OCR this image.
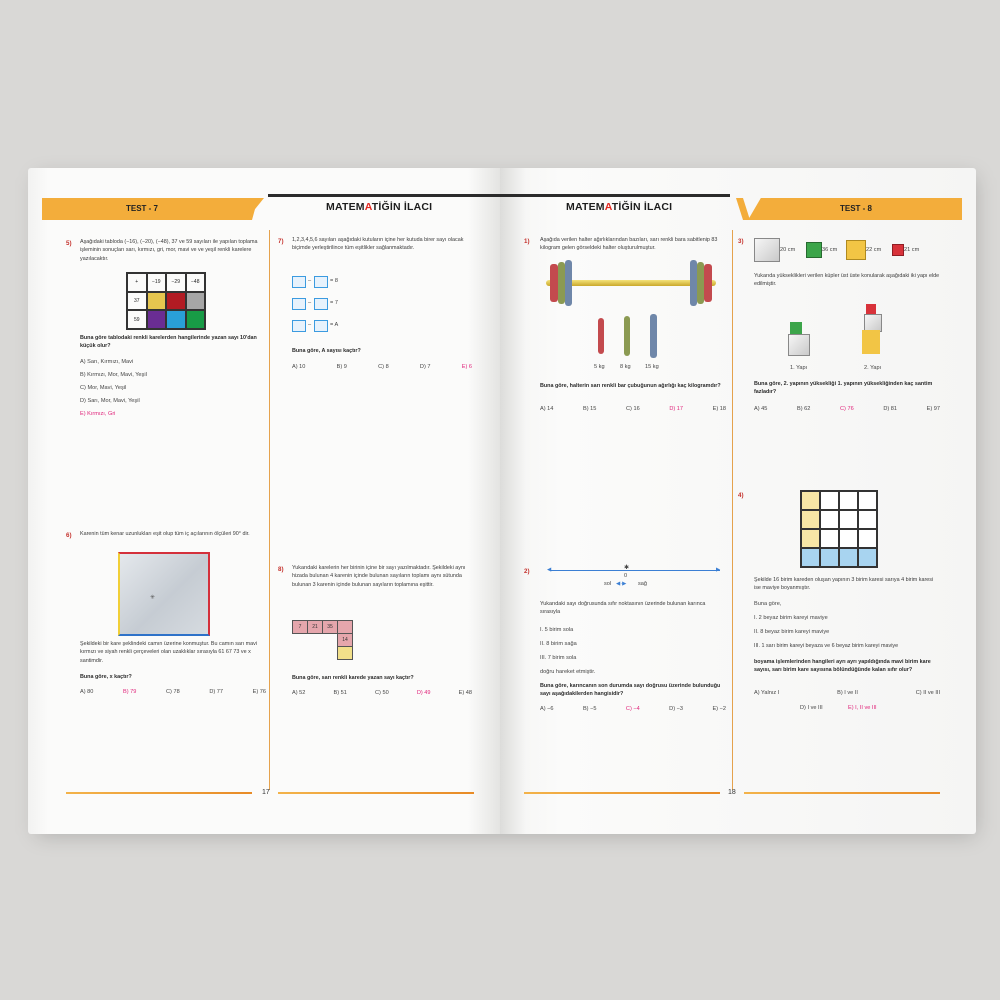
TEST - 7	MATEMATİĞİN İLACI
5) Aşağıdaki tabloda (−16), (−20), (−48), 37 ve 59 sayıları ile yapılan toplama işleminin sonuçları sarı, kırmızı, gri, mor, mavi ve ve yeşil renkli karelere yazılacaktır.
+	−19	−29	−48
37
59
Buna göre tablodaki renkli karelerden hangilerinde yazan sayı 10'dan küçük olur?
A) Sarı, Kırmızı, Mavi
B) Kırmızı, Mor, Mavi, Yeşil
C) Mor, Mavi, Yeşil
D) Sarı, Mor, Mavi, Yeşil
E) Kırmızı, Gri
6) Karenin tüm kenar uzunlukları eşit olup tüm iç açılarının ölçüleri 90° dir.
✳
Şekildeki bir kare şeklindeki camın üzerine konmuştur. Bu camın sarı mavi kırmızı ve siyah renkli çerçeveleri olan uzaklıklar sırasıyla 61 67 73 ve x santimdir.
Buna göre, x kaçtır?
A) 80	B) 79	C) 78	D) 77	E) 76
7) 1,2,3,4,5,6 sayıları aşağıdaki kutuların içine her kutuda birer sayı olacak biçimde yerleştirilince tüm eşitlikler sağlanmaktadır.
–	= 8
–	= 7
–	= A
Buna göre, A sayısı kaçtır?
A) 10	B) 9	C) 8	D) 7	E) 6
8) Yukarıdaki karelerin her birinin içine bir sayı yazılmaktadır. Şekildeki aynı hizada bulunan 4 karenin içinde bulunan sayıların toplamı aynı sütunda bulunan 3 karenin içinde bulunan sayıların toplamına eşittir.
7	21	35
14
Buna göre, sarı renkli karede yazan sayı kaçtır?
A) 52	B) 51	C) 50	D) 49	E) 48
17
MATEMATİĞİN İLACI	TEST - 8
1) Aşağıda verilen halter ağırlıklarından bazıları, sarı renkli bara sabitlenip 83 kilogram gelen görseldeki halter oluşturulmuştur.
5 kg	8 kg	15 kg
Buna göre, halterin sarı renkli bar çubuğunun ağırlığı kaç kilogramdır?
A) 14	B) 15	C) 16	D) 17	E) 18
2)	◀	▶
✱
0
sol ◀·▶ sağ
Yukarıdaki sayı doğrusunda sıfır noktasının üzerinde bulunan karınca sırasıyla
I. 5 birim sola
II. 8 birim sağa
III. 7 birim sola
doğru hareket etmiştir.
Buna göre, karıncanın son durumda sayı doğrusu üzerinde bulunduğu sayı aşağıdakilerden hangisidir?
A) −6	B) −5	C) −4	D) −3	E) −2
3)
20 cm	36 cm	22 cm	21 cm
Yukarıda yükseklikleri verilen küpler üst üste konularak aşağıdaki iki yapı elde edilmiştir.
1. Yapı	2. Yapı
Buna göre, 2. yapının yüksekliği 1. yapının yüksekliğinden kaç santim fazladır?
A) 45	B) 62	C) 76	D) 81	E) 97
4)
Şekilde 16 birim kareden oluşan yapının 3 birim karesi sarıya 4 birim karesi ise maviye boyanmıştır.
Buna göre,
I. 2 beyaz birim kareyi maviye
II. 8 beyaz birim kareyi maviye
III. 1 sarı birim kareyi beyaza ve 6 beyaz birim kareyi maviye
boyama işlemlerinden hangileri ayrı ayrı yapıldığında mavi birim kare sayısı, sarı birim kare sayısına bölündüğünde kalan sıfır olur?
A) Yalnız I	B) I ve II	C) II ve III
D) I ve III	E) I, II ve III
18
